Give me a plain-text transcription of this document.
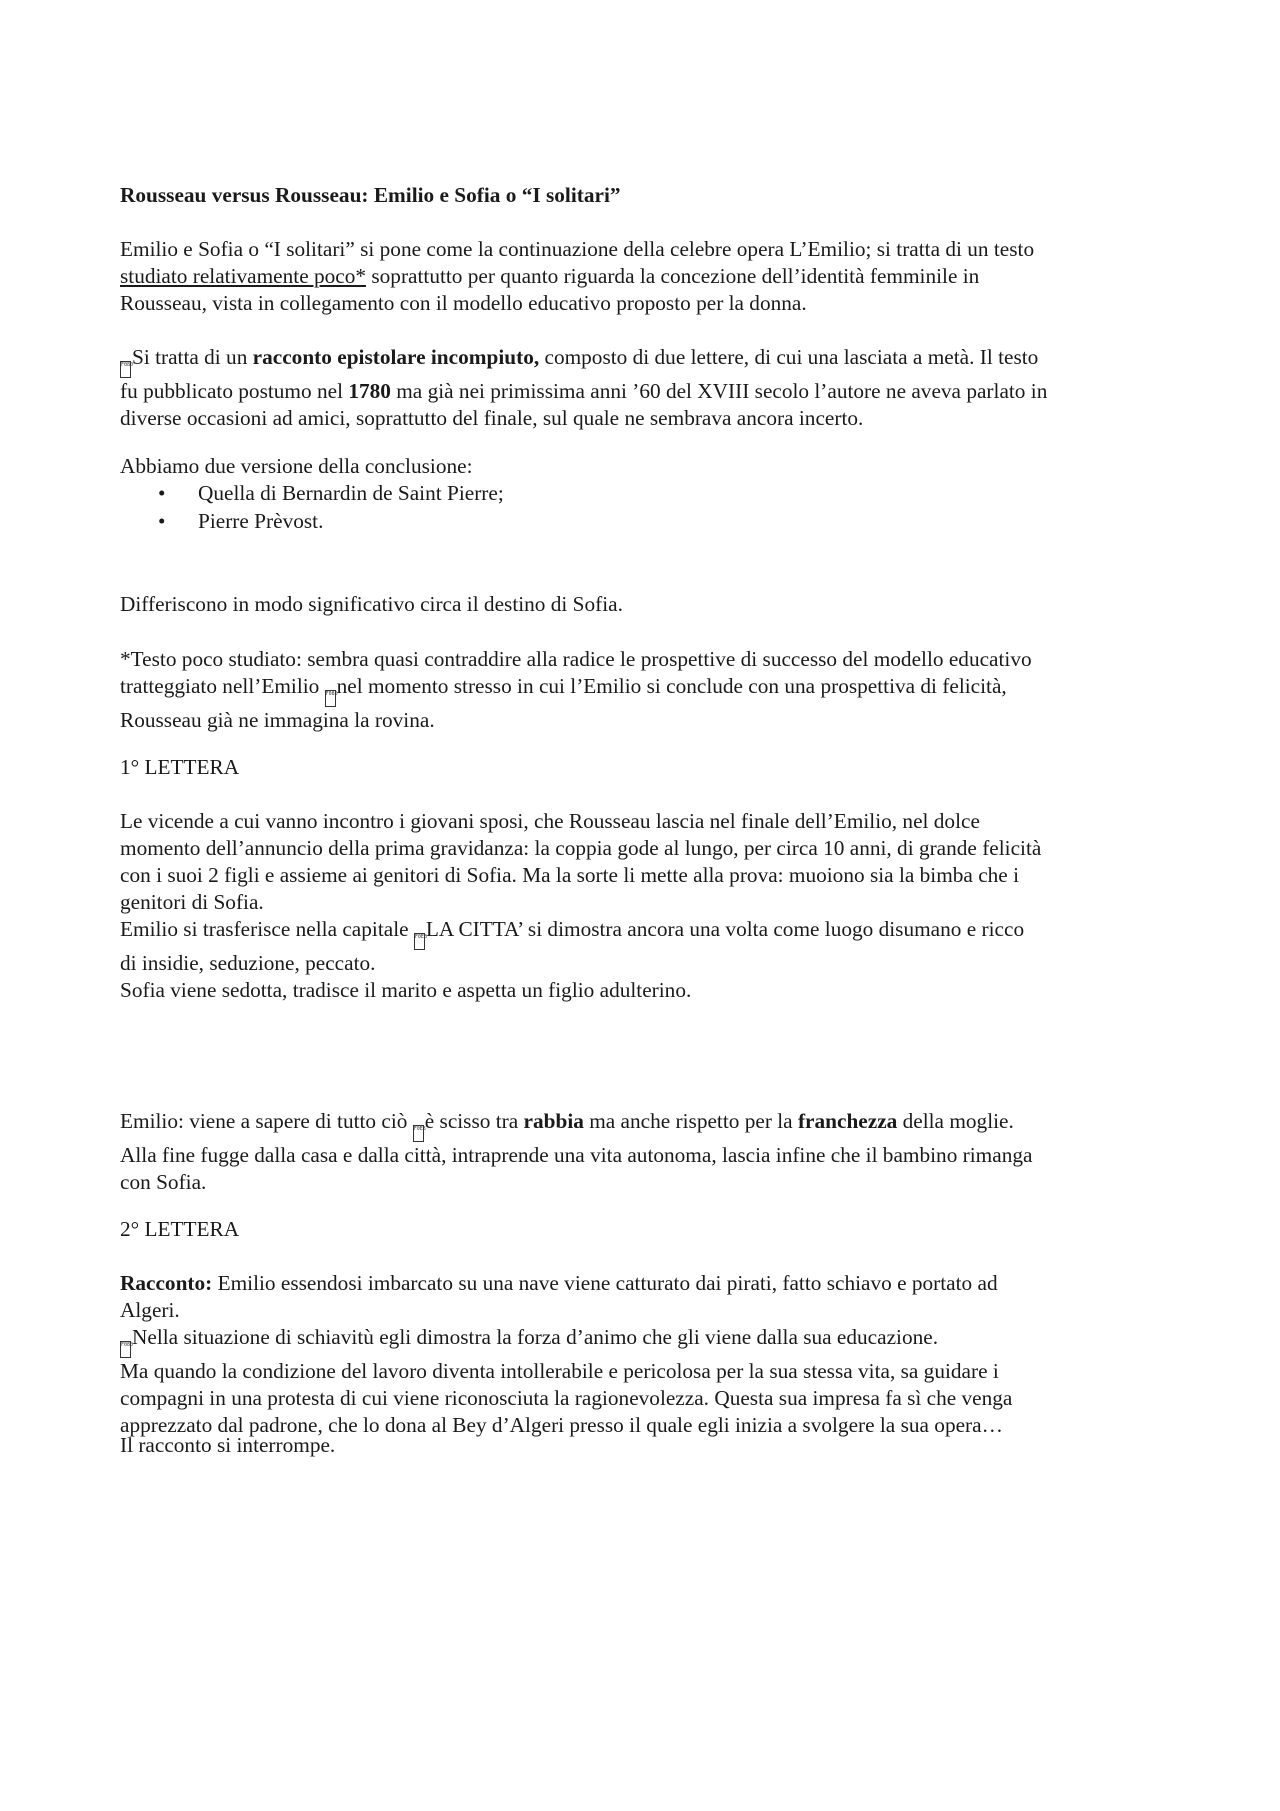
Rousseau versus Rousseau: Emilio e Sofia o “I solitari”
Emilio e Sofia o “I solitari” si pone come la continuazione della celebre opera L’Emilio; si tratta di un testo
studiato relativamente poco* soprattutto per quanto riguarda la concezione dell’identità femminile in
Rousseau, vista in collegamento con il modello educativo proposto per la donna.
F080Si tratta di un racconto epistolare incompiuto, composto di due lettere, di cui una lasciata a metà. Il testo
fu pubblicato postumo nel 1780 ma già nei primissima anni ’60 del XVIII secolo l’autore ne aveva parlato in
diverse occasioni ad amici, soprattutto del finale, sul quale ne sembrava ancora incerto.
Abbiamo due versione della conclusione:
• Quella di Bernardin de Saint Pierre;
• Pierre Prèvost.
Differiscono in modo significativo circa il destino di Sofia.
*Testo poco studiato: sembra quasi contraddire alla radice le prospettive di successo del modello educativo
tratteggiato nell’Emilio F080nel momento stresso in cui l’Emilio si conclude con una prospettiva di felicità,
Rousseau già ne immagina la rovina.
1° LETTERA
Le vicende a cui vanno incontro i giovani sposi, che Rousseau lascia nel finale dell’Emilio, nel dolce
momento dell’annuncio della prima gravidanza: la coppia gode al lungo, per circa 10 anni, di grande felicità
con i suoi 2 figli e assieme ai genitori di Sofia. Ma la sorte li mette alla prova: muoiono sia la bimba che i
genitori di Sofia.
Emilio si trasferisce nella capitale F0E8LA CITTA’ si dimostra ancora una volta come luogo disumano e ricco
di insidie, seduzione, peccato.
Sofia viene sedotta, tradisce il marito e aspetta un figlio adulterino.
Emilio: viene a sapere di tutto ciò F0E8è scisso tra rabbia ma anche rispetto per la franchezza della moglie.
Alla fine fugge dalla casa e dalla città, intraprende una vita autonoma, lascia infine che il bambino rimanga
con Sofia.
2° LETTERA
Racconto: Emilio essendosi imbarcato su una nave viene catturato dai pirati, fatto schiavo e portato ad
Algeri.
F080Nella situazione di schiavitù egli dimostra la forza d’animo che gli viene dalla sua educazione.
Ma quando la condizione del lavoro diventa intollerabile e pericolosa per la sua stessa vita, sa guidare i
compagni in una protesta di cui viene riconosciuta la ragionevolezza. Questa sua impresa fa sì che venga
apprezzato dal padrone, che lo dona al Bey d’Algeri presso il quale egli inizia a svolgere la sua opera…
Il racconto si interrompe.
